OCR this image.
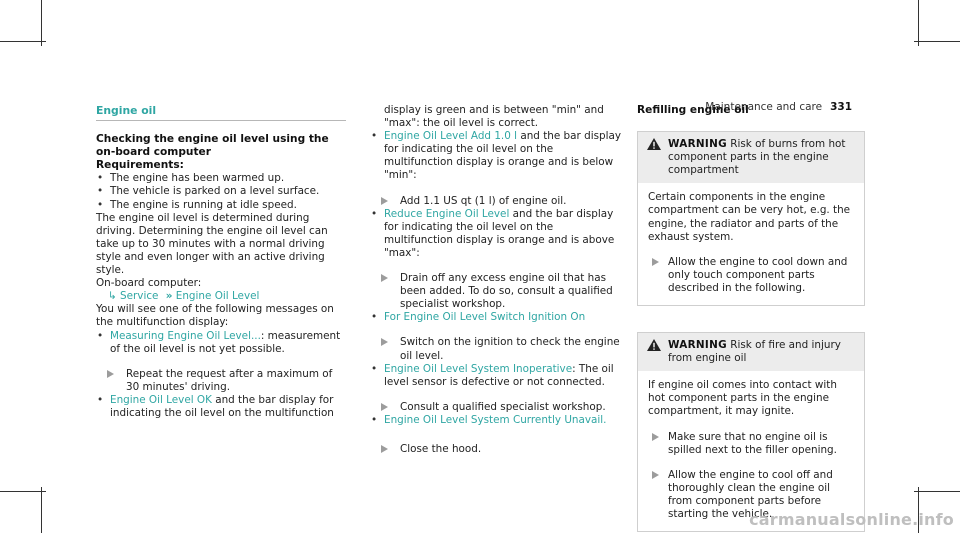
Maintenance and care 331
Engine oil
Checking the engine oil level using the on-board computer
Requirements:
• The engine has been warmed up.
• The vehicle is parked on a level surface.
• The engine is running at idle speed.
The engine oil level is determined during driving. Determining the engine oil level can take up to 30 minutes with a normal driving style and even longer with an active driving style.
On-board computer:
↳ Service » Engine Oil Level
You will see one of the following messages on the multifunction display:
• Measuring Engine Oil Level...: measurement of the oil level is not yet possible.
Repeat the request after a maximum of 30 minutes' driving.
• Engine Oil Level OK and the bar display for indicating the oil level on the multifunction
display is green and is between "min" and "max": the oil level is correct.
• Engine Oil Level Add 1.0 l and the bar display for indicating the oil level on the multifunction display is orange and is below "min":
Add 1.1 US qt (1 l) of engine oil.
• Reduce Engine Oil Level and the bar display for indicating the oil level on the multifunction display is orange and is above "max":
Drain off any excess engine oil that has been added. To do so, consult a qualified specialist workshop.
• For Engine Oil Level Switch Ignition On
Switch on the ignition to check the engine oil level.
• Engine Oil Level System Inoperative: The oil level sensor is defective or not connected.
Consult a qualified specialist workshop.
• Engine Oil Level System Currently Unavail.
Close the hood.
Refilling engine oil
WARNING Risk of burns from hot component parts in the engine compartment
Certain components in the engine compartment can be very hot, e.g. the engine, the radiator and parts of the exhaust system.
Allow the engine to cool down and only touch component parts described in the following.
WARNING Risk of fire and injury from engine oil
If engine oil comes into contact with hot component parts in the engine compartment, it may ignite.
Make sure that no engine oil is spilled next to the filler opening.
Allow the engine to cool off and thoroughly clean the engine oil from component parts before starting the vehicle.
carmanualsonline.info
